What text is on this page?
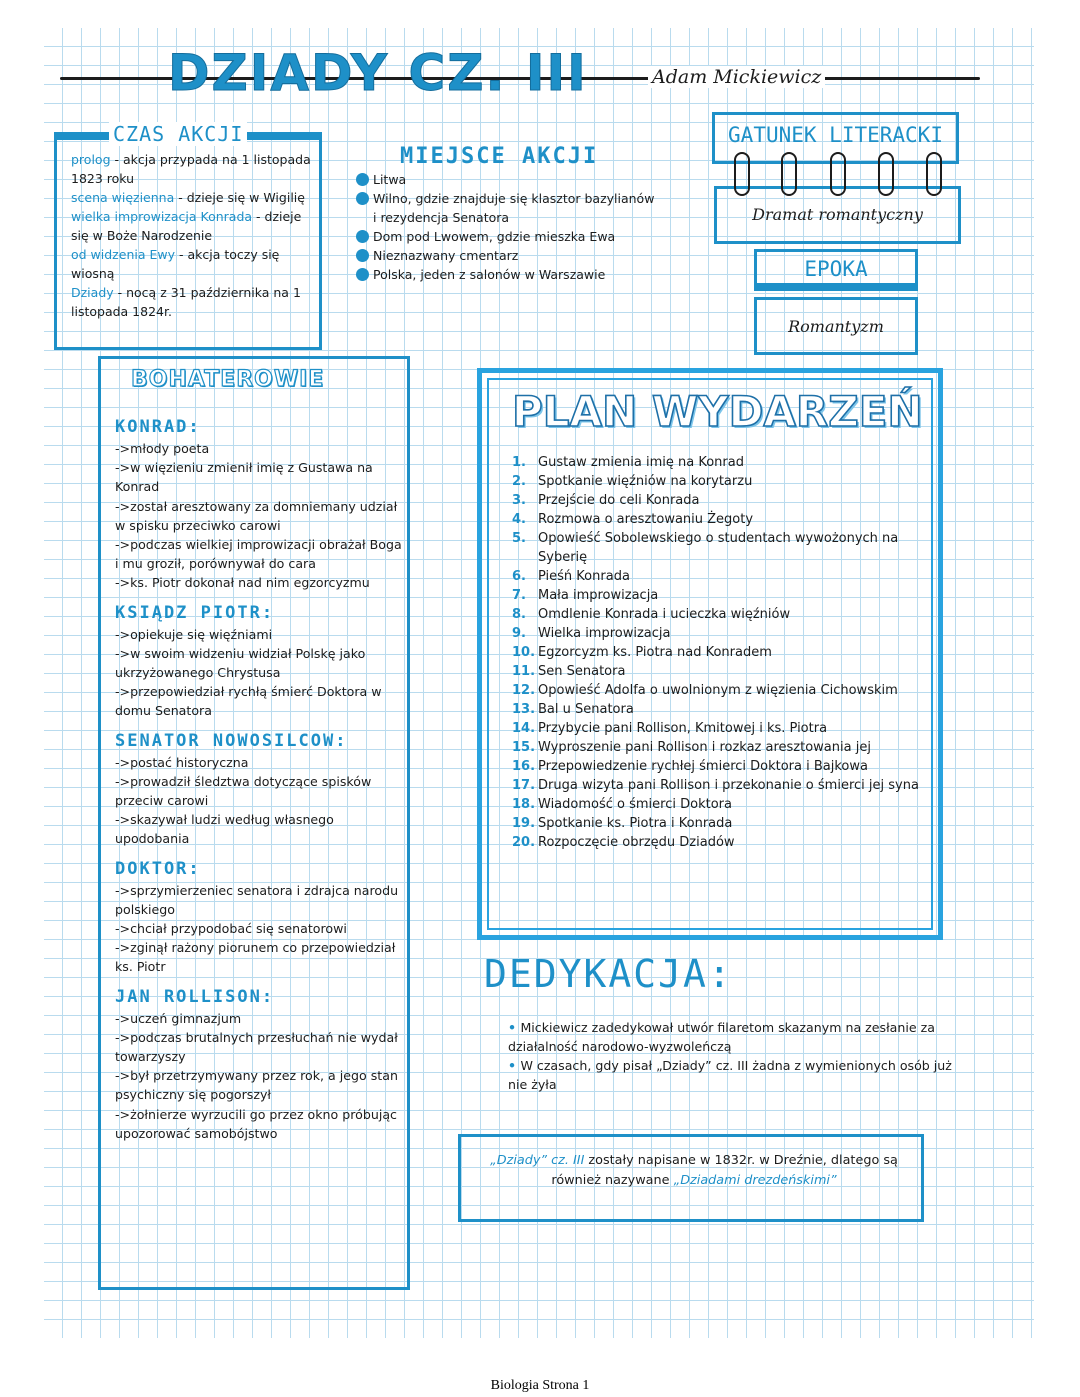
DZIADY CZ. III	Adam Mickiewicz
CZAS AKCJI

prolog - akcja przypada na 1 listopada 1823 roku

scena więzienna - dzieje się w Wigilię

wielka improwizacja Konrada - dzieje się w Boże Narodzenie

od widzenia Ewy - akcja toczy się wiosną

Dziady - nocą z 31 października na 1 listopada 1824r.

MIEJSCE AKCJI
Litwa
Wilno, gdzie znajduje się klasztor bazylianów i rezydencja Senatora
Dom pod Lwowem, gdzie mieszka Ewa
Nieznazwany cmentarz
Polska, jeden z salonów w Warszawie
GATUNEK LITERACKI
Dramat romantyczny
EPOKA
Romantyzm
BOHATEROWIE
KONRAD:

->młody poeta

->w więzieniu zmienił imię z Gustawa na Konrad

->został aresztowany za domniemany udział w spisku przeciwko carowi

->podczas wielkiej improwizacji obrażał Boga i mu groził, porównywał do cara

->ks. Piotr dokonał nad nim egzorcyzmu

KSIĄDZ PIOTR:

->opiekuje się więźniami

->w swoim widzeniu widział Polskę jako ukrzyżowanego Chrystusa

->przepowiedział rychłą śmierć Doktora w domu Senatora

SENATOR NOWOSILCOW:

->postać historyczna

->prowadził śledztwa dotyczące spisków przeciw carowi

->skazywał ludzi według własnego upodobania

DOKTOR:

->sprzymierzeniec senatora i zdrajca narodu polskiego

->chciał przypodobać się senatorowi

->zginął rażony piorunem co przepowiedział ks. Piotr

JAN ROLLISON:

->uczeń gimnazjum

->podczas brutalnych przesłuchań nie wydał towarzyszy

->był przetrzymywany przez rok, a jego stan psychiczny się pogorszył

->żołnierze wyrzucili go przez okno próbując upozorować samobójstwo

PLAN WYDARZEŃ
1. Gustaw zmienia imię na Konrad
2. Spotkanie więźniów na korytarzu
3. Przejście do celi Konrada
4. Rozmowa o aresztowaniu Żegoty
5. Opowieść Sobolewskiego o studentach wywożonych na Syberię
6. Pieśń Konrada
7. Mała improwizacja
8. Omdlenie Konrada i ucieczka więźniów
9. Wielka improwizacja
10. Egzorcyzm ks. Piotra nad Konradem
11. Sen Senatora
12. Opowieść Adolfa o uwolnionym z więzienia Cichowskim
13. Bal u Senatora
14. Przybycie pani Rollison, Kmitowej i ks. Piotra
15. Wyproszenie pani Rollison i rozkaz aresztowania jej
16. Przepowiedzenie rychłej śmierci Doktora i Bajkowa
17. Druga wizyta pani Rollison i przekonanie o śmierci jej syna
18. Wiadomość o śmierci Doktora
19. Spotkanie ks. Piotra i Konrada
20. Rozpoczęcie obrzędu Dziadów
DEDYKACJA:

• Mickiewicz zadedykował utwór filaretom skazanym na zesłanie za działalność narodowo-wyzwoleńczą

• W czasach, gdy pisał „Dziady” cz. III żadna z wymienionych osób już nie żyła

„Dziady” cz. III zostały napisane w 1832r. w Dreźnie, dlatego są również nazywane „Dziadami drezdeńskimi”
Biologia Strona 1
